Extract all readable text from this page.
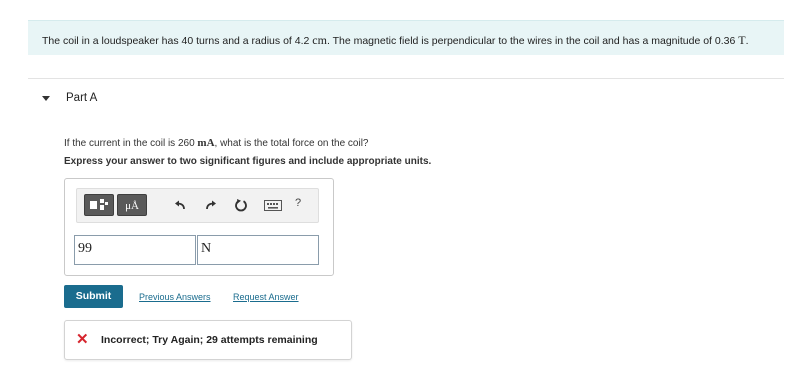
The coil in a loudspeaker has 40 turns and a radius of 4.2 cm. The magnetic field is perpendicular to the wires in the coil and has a magnitude of 0.36 T.
Part A
If the current in the coil is 260 mA, what is the total force on the coil?
Express your answer to two significant figures and include appropriate units.
μÅ	?
99	N
Submit	Previous Answers Request Answer
✕ Incorrect; Try Again; 29 attempts remaining
